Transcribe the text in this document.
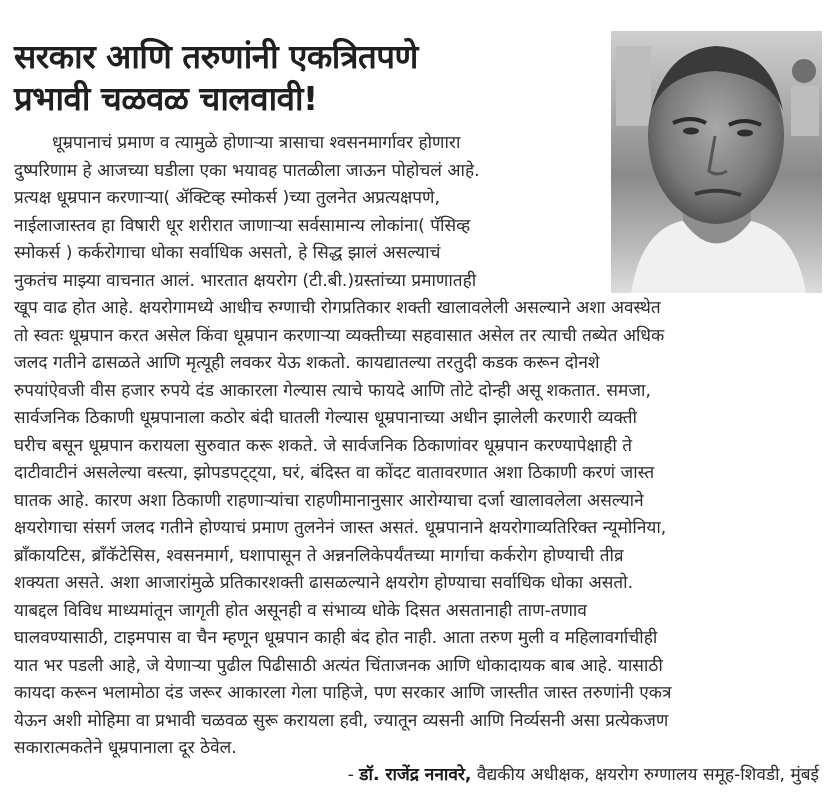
सरकार आणि तरुणांनी एकत्रितपणे
प्रभावी चळवळ चालवावी!
धूम्रपानाचं प्रमाण व त्यामुळे होणाऱ्या त्रासाचा श्वसनमार्गावर होणारा
दुष्परिणाम हे आजच्या घडीला एका भयावह पातळीला जाऊन पोहोचलं आहे.
प्रत्यक्ष धूम्रपान करणाऱ्या( ॲक्टिव्ह स्मोकर्स )च्या तुलनेत अप्रत्यक्षपणे,
नाईलाजास्तव हा विषारी धूर शरीरात जाणाऱ्या सर्वसामान्य लोकांना( पॅसिव्ह
स्मोकर्स ) कर्करोगाचा धोका सर्वाधिक असतो, हे सिद्ध झालं असल्याचं
नुकतंच माझ्या वाचनात आलं. भारतात क्षयरोग (टी.बी.)ग्रस्तांच्या प्रमाणातही
खूप वाढ होत आहे. क्षयरोगामध्ये आधीच रुग्णाची रोगप्रतिकार शक्ती खालावलेली असल्याने अशा अवस्थेत
तो स्वतः धूम्रपान करत असेल किंवा धूम्रपान करणाऱ्या व्यक्तीच्या सहवासात असेल तर त्याची तब्येत अधिक
जलद गतीने ढासळते आणि मृत्यूही लवकर येऊ शकतो. कायद्यातल्या तरतुदी कडक करून दोनशे
रुपयांऐवजी वीस हजार रुपये दंड आकारला गेल्यास त्याचे फायदे आणि तोटे दोन्ही असू शकतात. समजा,
सार्वजनिक ठिकाणी धूम्रपानाला कठोर बंदी घातली गेल्यास धूम्रपानाच्या अधीन झालेली करणारी व्यक्ती
घरीच बसून धूम्रपान करायला सुरुवात करू शकते. जे सार्वजनिक ठिकाणांवर धूम्रपान करण्यापेक्षाही ते
दाटीवाटीनं असलेल्या वस्त्या, झोपडपट्ट्या, घरं, बंदिस्त वा कोंदट वातावरणात अशा ठिकाणी करणं जास्त
घातक आहे. कारण अशा ठिकाणी राहणाऱ्यांचा राहणीमानानुसार आरोग्याचा दर्जा खालावलेला असल्याने
क्षयरोगाचा संसर्ग जलद गतीने होण्याचं प्रमाण तुलनेनं जास्त असतं. धूम्रपानाने क्षयरोगाव्यतिरिक्त न्यूमोनिया,
ब्रॉंकायटिस, ब्रॉंकॅटेसिस, श्वसनमार्ग, घशापासून ते अन्ननलिकेपर्यंतच्या मार्गाचा कर्करोग होण्याची तीव्र
शक्यता असते. अशा आजारांमुळे प्रतिकारशक्ती ढासळल्याने क्षयरोग होण्याचा सर्वाधिक धोका असतो.
याबद्दल विविध माध्यमांतून जागृती होत असूनही व संभाव्य धोके दिसत असतानाही ताण-तणाव
घालवण्यासाठी, टाइमपास वा चैन म्हणून धूम्रपान काही बंद होत नाही. आता तरुण मुली व महिलावर्गाचीही
यात भर पडली आहे, जे येणाऱ्या पुढील पिढीसाठी अत्यंत चिंताजनक आणि धोकादायक बाब आहे. यासाठी
कायदा करून भलामोठा दंड जरूर आकारला गेला पाहिजे, पण सरकार आणि जास्तीत जास्त तरुणांनी एकत्र
येऊन अशी मोहिमा वा प्रभावी चळवळ सुरू करायला हवी, ज्यातून व्यसनी आणि निर्व्यसनी असा प्रत्येकजण
सकारात्मकतेने धूम्रपानाला दूर ठेवेल.
- डॉ. राजेंद्र ननावरे, वैद्यकीय अधीक्षक, क्षयरोग रुग्णालय समूह-शिवडी, मुंबई
